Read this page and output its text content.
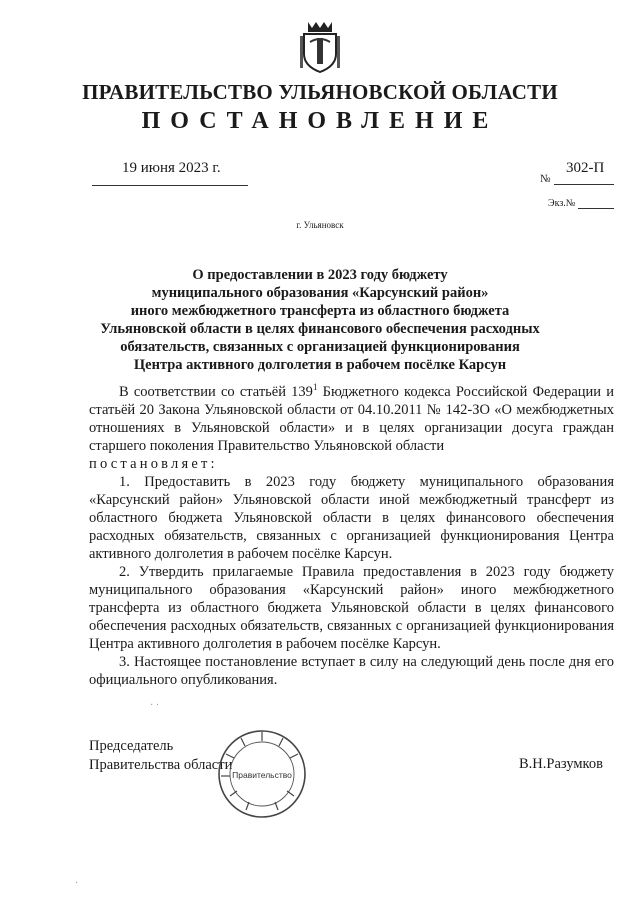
ПРАВИТЕЛЬСТВО УЛЬЯНОВСКОЙ ОБЛАСТИ
ПОСТАНОВЛЕНИЕ
19 июня 2023 г.	302-П
№
Экз.№
г. Ульяновск
О предоставлении в 2023 году бюджету
муниципального образования «Карсунский район»
иного межбюджетного трансферта из областного бюджета
Ульяновской области в целях финансового обеспечения расходных
обязательств, связанных с организацией функционирования
Центра активного долголетия в рабочем посёлке Карсун

В соответствии со статьёй $139^1$ Бюджетного кодекса Российской Федерации и статьёй 20 Закона Ульяновской области от 04.10.2011 № 142-ЗО «О межбюджетных отношениях в Ульяновской области» и в целях организации досуга граждан старшего поколения Правительство Ульяновской области

постановляет:

1. Предоставить в 2023 году бюджету муниципального образования «Карсунский район» Ульяновской области иной межбюджетный трансферт из областного бюджета Ульяновской области в целях финансового обеспечения расходных обязательств, связанных с организацией функционирования Центра активного долголетия в рабочем посёлке Карсун.

2. Утвердить прилагаемые Правила предоставления в 2023 году бюджету муниципального образования «Карсунский район» иного межбюджетного трансферта из областного бюджета Ульяновской области в целях финансового обеспечения расходных обязательств, связанных с организацией функционирования Центра активного долголетия в рабочем посёлке Карсун.

3. Настоящее постановление вступает в силу на следующий день после дня его официального опубликования.

Председатель
Правительства области
Правительство
В.Н.Разумков
· ·
·
